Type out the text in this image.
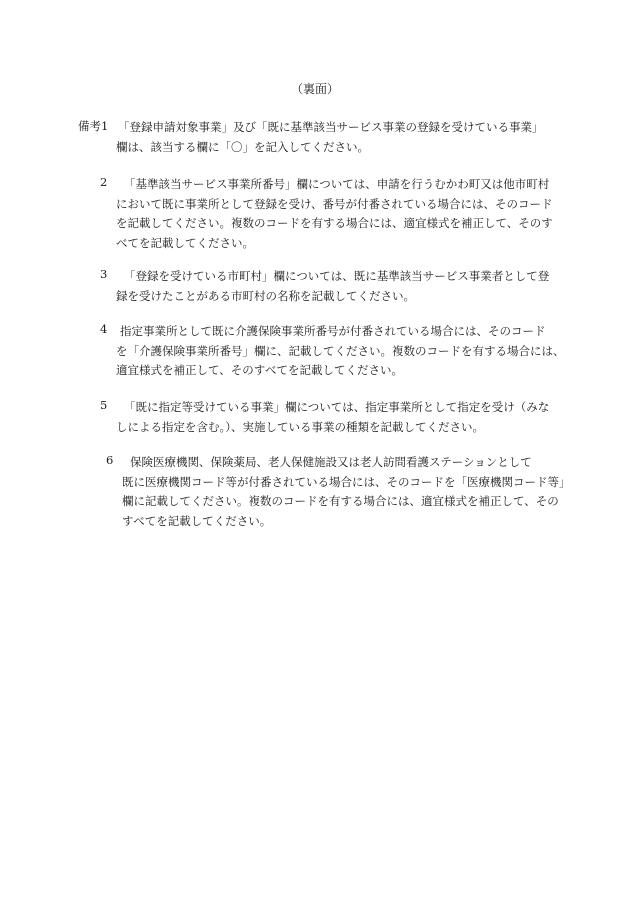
（裏面）
備考1 「登録申請対象事業」及び「既に基準該当サービス事業の登録を受けている事業」
欄は、該当する欄に「〇」を記入してください。
2 「基準該当サービス事業所番号」欄については、申請を行うむかわ町又は他市町村
において既に事業所として登録を受け、番号が付番されている場合には、そのコード
を記載してください。複数のコードを有する場合には、適宜様式を補正して、そのす
べてを記載してください。
3 「登録を受けている市町村」欄については、既に基準該当サービス事業者として登
録を受けたことがある市町村の名称を記載してください。
4 指定事業所として既に介護保険事業所番号が付番されている場合には、そのコード
を「介護保険事業所番号」欄に、記載してください。複数のコードを有する場合には、
適宜様式を補正して、そのすべてを記載してください。
5 「既に指定等受けている事業」欄については、指定事業所として指定を受け（みな
しによる指定を含む。）、実施している事業の種類を記載してください。
6 保険医療機関、保険薬局、老人保健施設又は老人訪問看護ステーションとして
既に医療機関コード等が付番されている場合には、そのコードを「医療機関コード等」
欄に記載してください。複数のコードを有する場合には、適宜様式を補正して、その
すべてを記載してください。
